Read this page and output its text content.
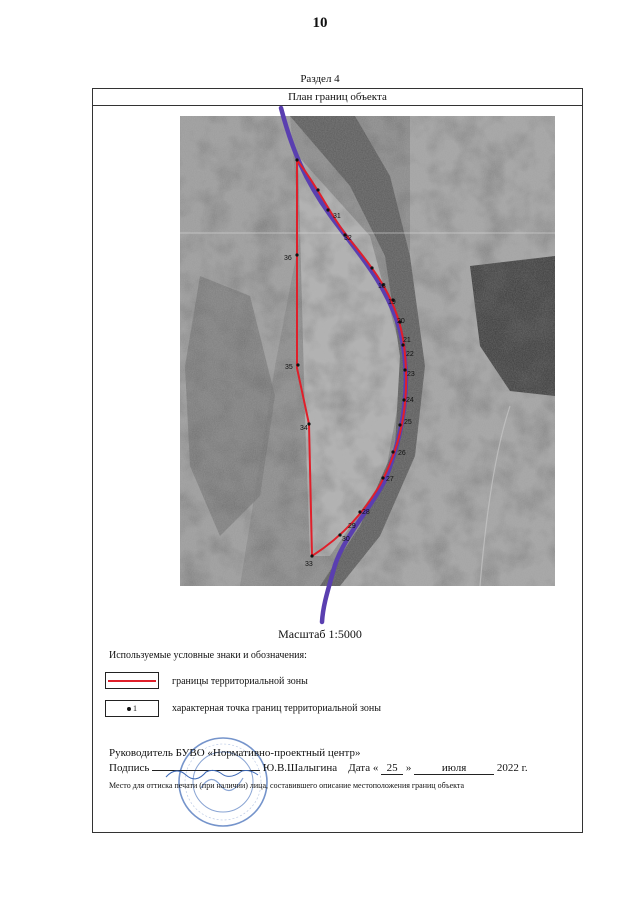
10
Раздел 4
План границ объекта
36
35
34
33
18
19
20
21
22
23
24
25
26
27
28
29
30
31
32
Масштаб 1:5000
Используемые условные знаки и обозначения:
границы территориальной зоны
1	характерная точка границ территориальной зоны
Руководитель БУВО «Нормативно-проектный центр»
Подпись	Ю.В.Шалыгина Дата « 25 »	июля	2022 г.
Место для оттиска печати (при наличии) лица, составившего описание местоположения границ объекта
